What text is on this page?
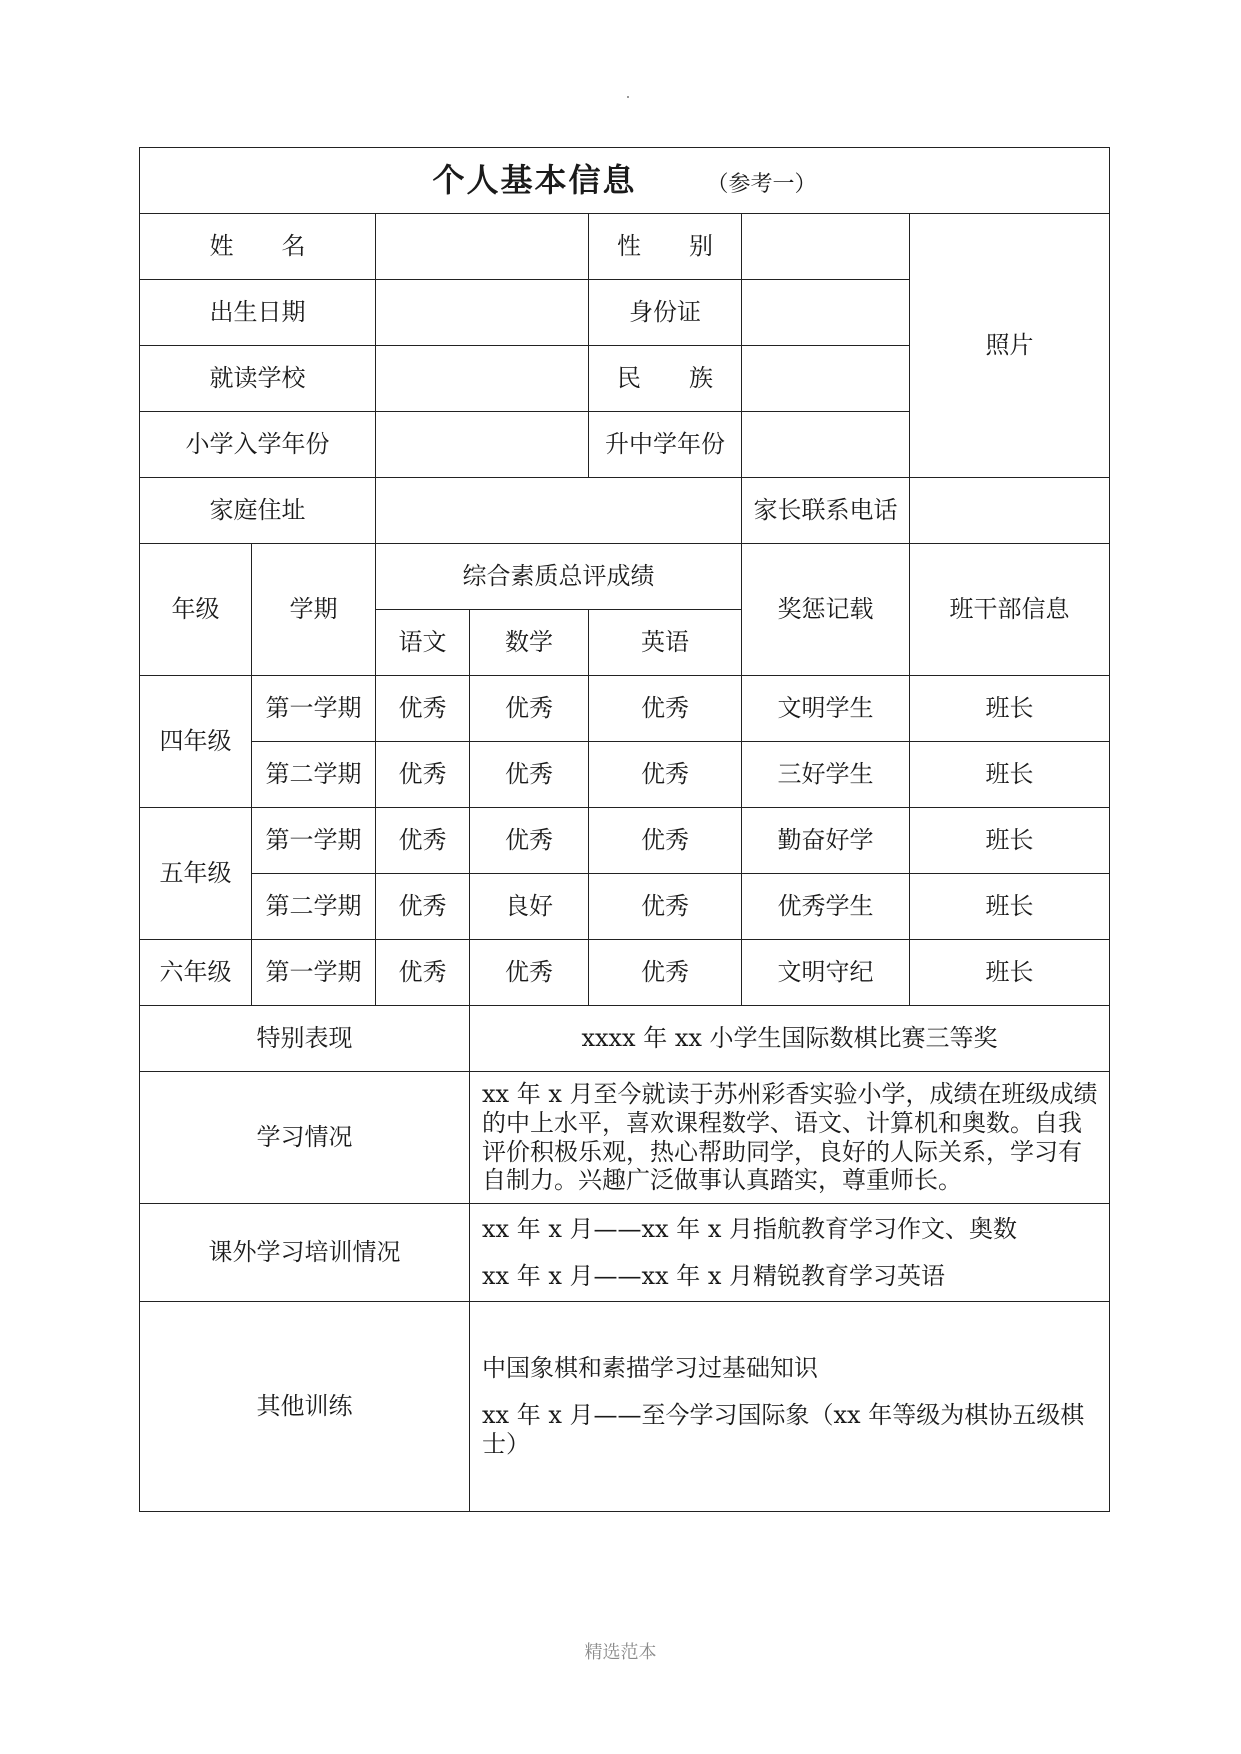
个人基本信息 （参考一）						
姓　　名				性　　别		照片
出生日期				身份证		
就读学校				民　　族		
小学入学年份				升中学年份		
家庭住址					家长联系电话	
年级	学期	综合素质总评成绩			奖惩记载	班干部信息
		语文	数学	英语		
四年级	第一学期	优秀	优秀	优秀	文明学生	班长
	第二学期	优秀	优秀	优秀	三好学生	班长
五年级	第一学期	优秀	优秀	优秀	勤奋好学	班长
	第二学期	优秀	良好	优秀	优秀学生	班长
六年级	第一学期	优秀	优秀	优秀	文明守纪	班长
特别表现			xxxx 年 xx 小学生国际数棋比赛三等奖			
学习情况			xx 年 x 月至今就读于苏州彩香实验小学，成绩在班级成绩的中上水平，喜欢课程数学、语文、计算机和奥数。自我评价积极乐观，热心帮助同学，良好的人际关系，学习有自制力。兴趣广泛做事认真踏实，尊重师长。			
课外学习培训情况			xx 年 x 月——xx 年 x 月指航教育学习作文、奥数
xx 年 x 月——xx 年 x 月精锐教育学习英语			

其他训练			中国象棋和素描学习过基础知识
xx 年 x 月——至今学习国际象（xx 年等级为棋协五级棋士）			
精选范本
